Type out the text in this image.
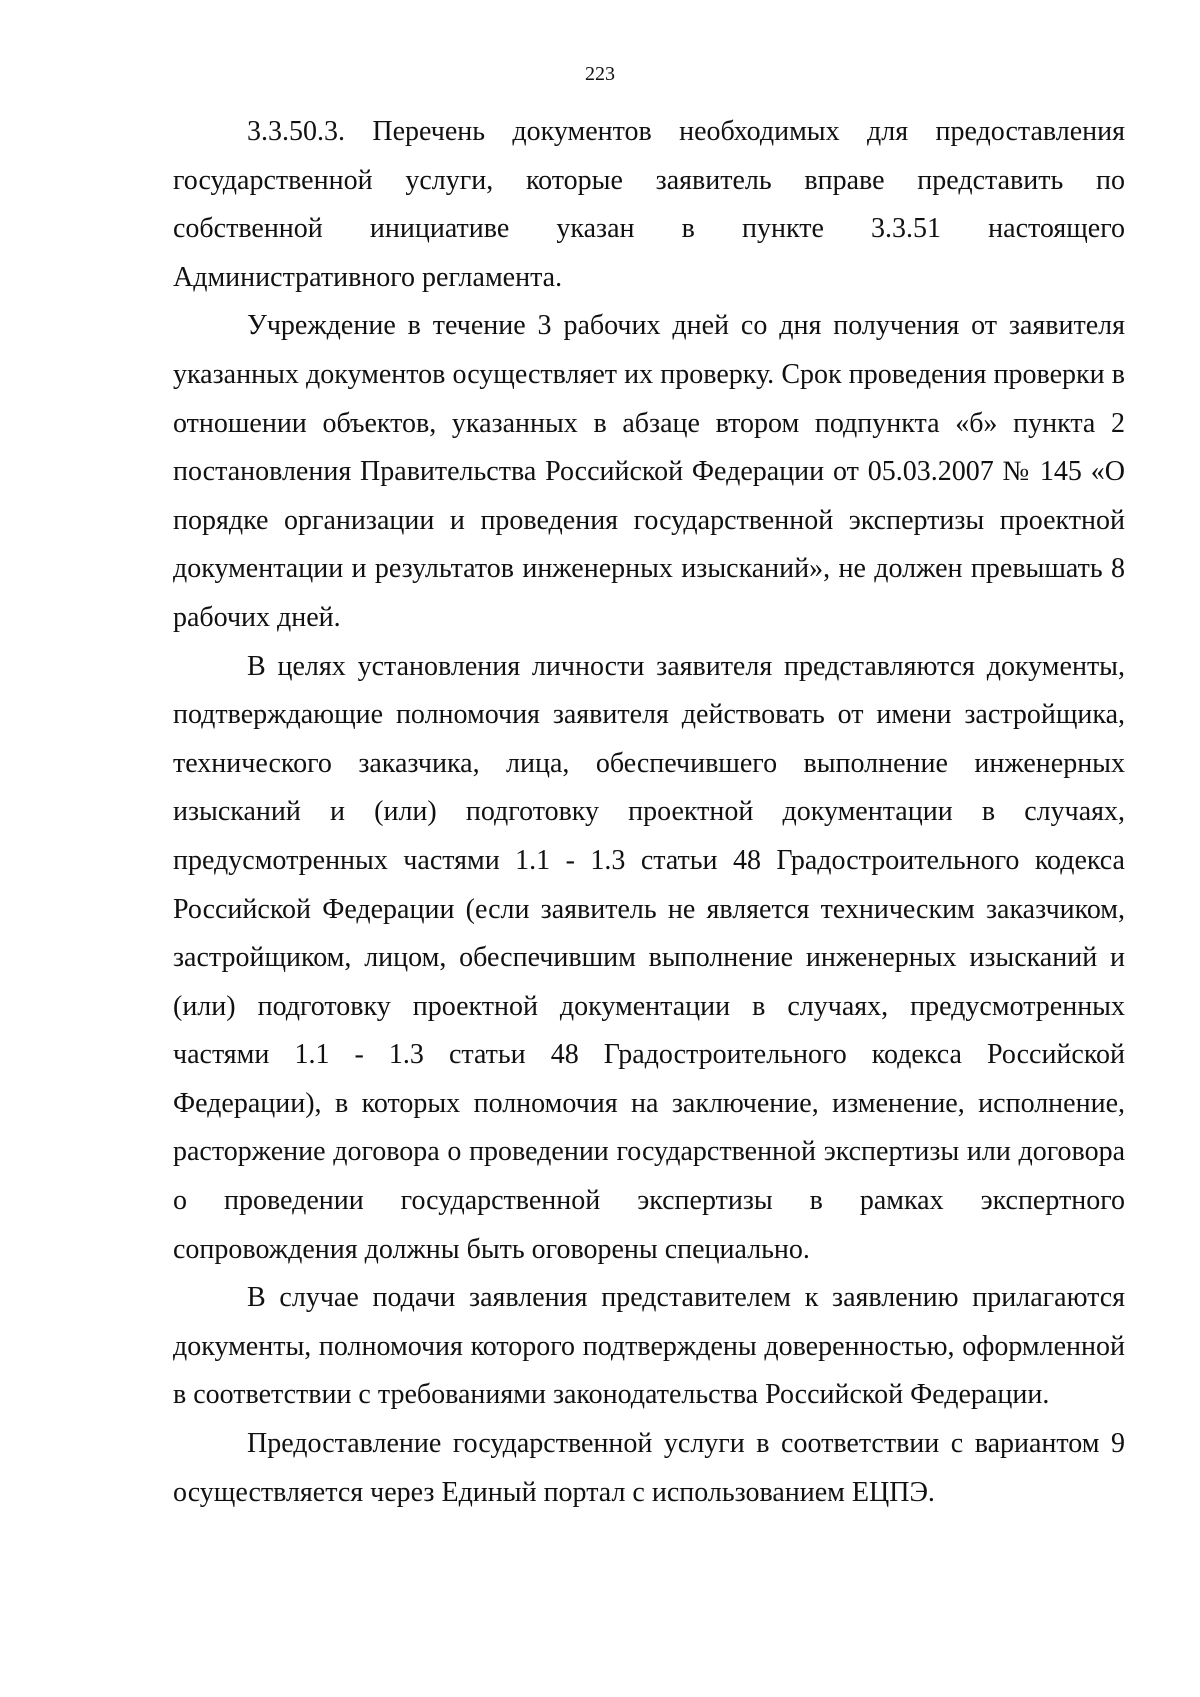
223

3.3.50.3. Перечень документов необходимых для предоставления государственной услуги, которые заявитель вправе представить по собственной инициативе указан в пункте 3.3.51 настоящего Административного регламента.

Учреждение в течение 3 рабочих дней со дня получения от заявителя указанных документов осуществляет их проверку. Срок проведения проверки в отношении объектов, указанных в абзаце втором подпункта «б» пункта 2 постановления Правительства Российской Федерации от 05.03.2007 № 145 «О порядке организации и проведения государственной экспертизы проектной документации и результатов инженерных изысканий», не должен превышать 8 рабочих дней.

В целях установления личности заявителя представляются документы, подтверждающие полномочия заявителя действовать от имени застройщика, технического заказчика, лица, обеспечившего выполнение инженерных изысканий и (или) подготовку проектной документации в случаях, предусмотренных частями 1.1 - 1.3 статьи 48 Градостроительного кодекса Российской Федерации (если заявитель не является техническим заказчиком, застройщиком, лицом, обеспечившим выполнение инженерных изысканий и (или) подготовку проектной документации в случаях, предусмотренных частями 1.1 - 1.3 статьи 48 Градостроительного кодекса Российской Федерации), в которых полномочия на заключение, изменение, исполнение, расторжение договора о проведении государственной экспертизы или договора о проведении государственной экспертизы в рамках экспертного сопровождения должны быть оговорены специально.

В случае подачи заявления представителем к заявлению прилагаются документы, полномочия которого подтверждены доверенностью, оформленной в соответствии с требованиями законодательства Российской Федерации.

Предоставление государственной услуги в соответствии с вариантом 9 осуществляется через Единый портал с использованием ЕЦПЭ.
